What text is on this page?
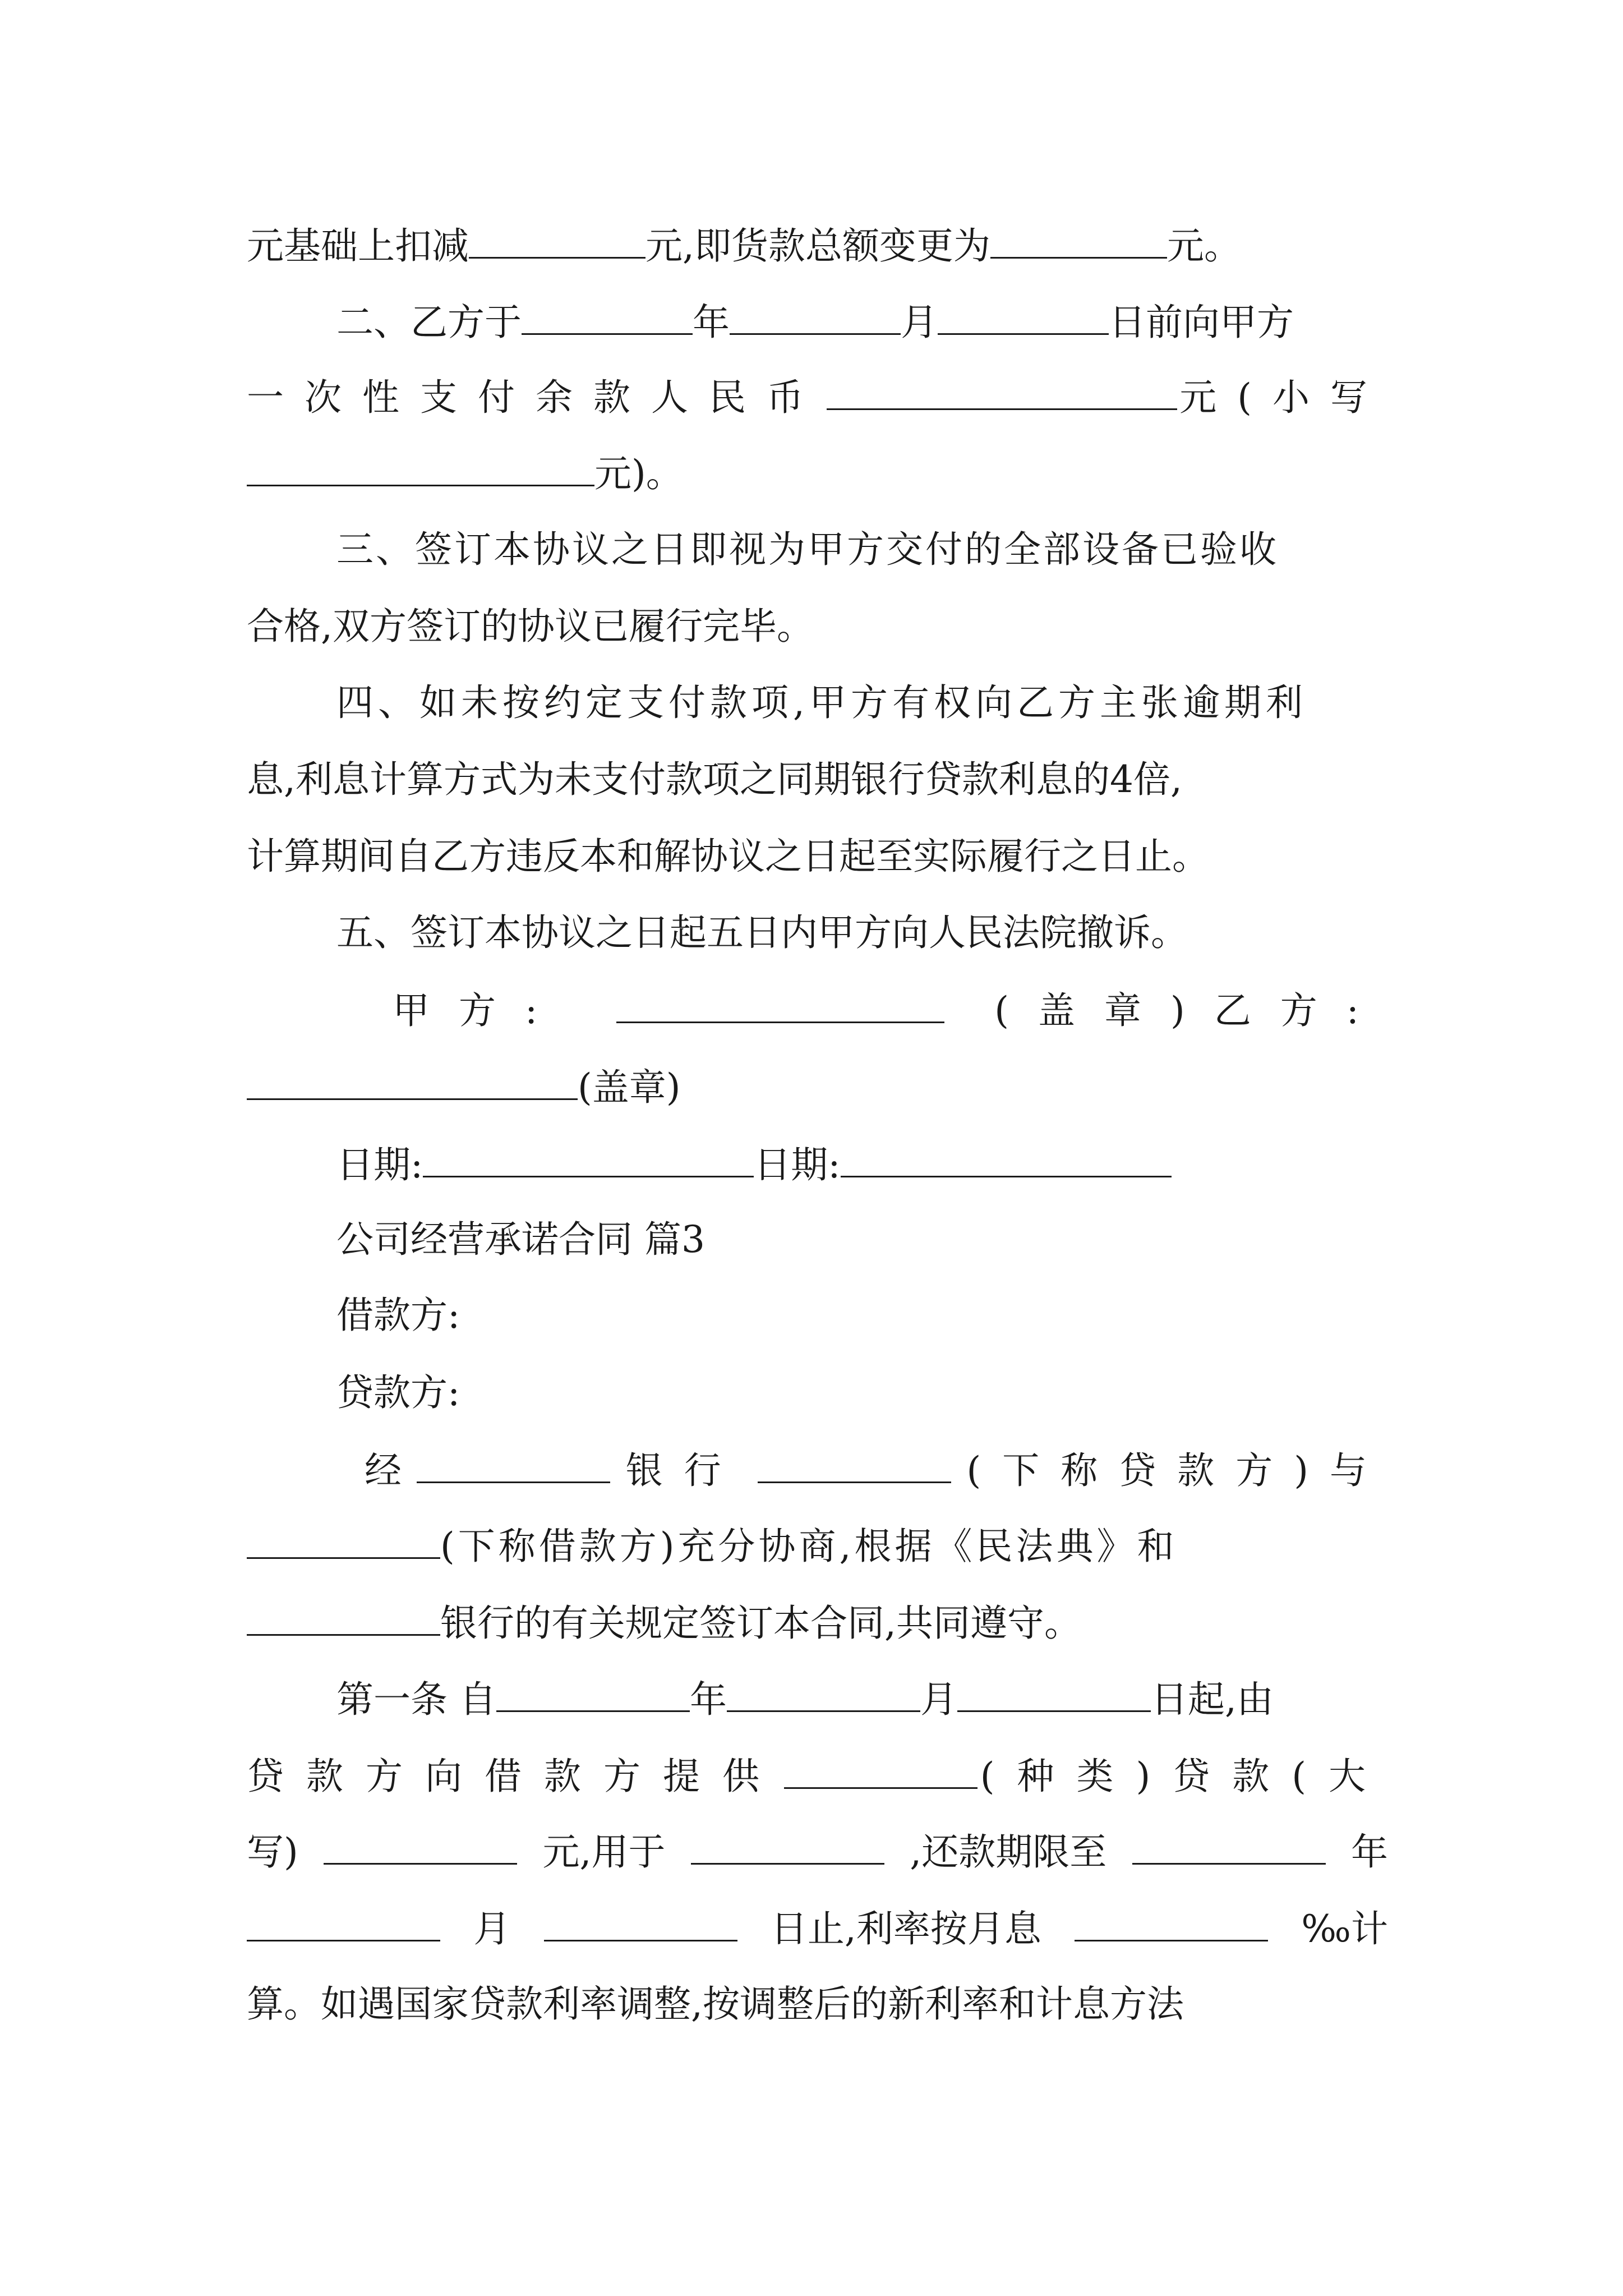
元基础上扣减	元,即货款总额变更为	元。
二、乙方于	年	月	日前向甲方
一次性支付余款人民币	元(小写
元)。
三、签订本协议之日即视为甲方交付的全部设备已验收
合格,双方签订的协议已履行完毕。
四、如未按约定支付款项,甲方有权向乙方主张逾期利
息,利息计算方式为未支付款项之同期银行贷款利息的4倍,
计算期间自乙方违反本和解协议之日起至实际履行之日止。
五、签订本协议之日起五日内甲方向人民法院撤诉。
甲方:	(盖章)乙方:
(盖章)
日期:	日期:
公司经营承诺合同 篇3
借款方:
贷款方:
经	银行	(下称贷款方)与
(下称借款方)充分协商,根据《民法典》和
银行的有关规定签订本合同,共同遵守。
第一条 自	年	月	日起,由
贷款方向借款方提供	(种类)贷款(大
写)	元,用于	,还款期限至	年
月	日止,利率按月息	‰计
算。如遇国家贷款利率调整,按调整后的新利率和计息方法
